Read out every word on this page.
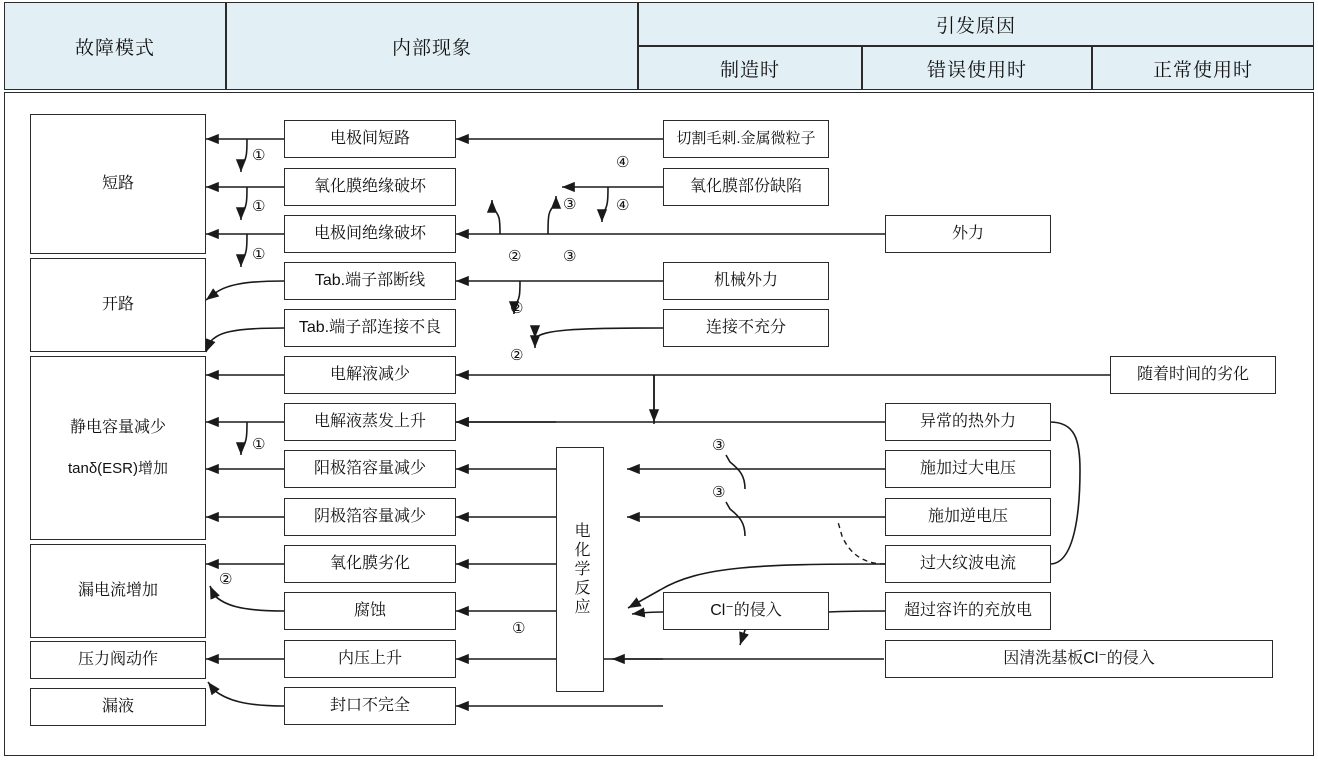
故障模式	内部现象
引发原因
制造时	错误使用时	正常使用时
短路
开路
静电容量减少
tanδ(ESR)增加
漏电流增加
压力阀动作
漏液
电极间短路
氧化膜绝缘破坏
电极间绝缘破坏
Tab.端子部断线
Tab.端子部连接不良
电解液减少
电解液蒸发上升
阳极箔容量减少
阴极箔容量减少
氧化膜劣化
腐蚀
内压上升
封口不完全
电化学反应
切割毛刺.金属微粒子
氧化膜部份缺陷
机械外力
连接不充分
Cl⁻的侵入
异常的热外力
施加过大电压
施加逆电压
过大纹波电流
超过容许的充放电
因清洗基板Cl⁻的侵入
外力
随着时间的劣化
①
①
①	②	③
③
④
④
②
②
①	③
③
②
①
